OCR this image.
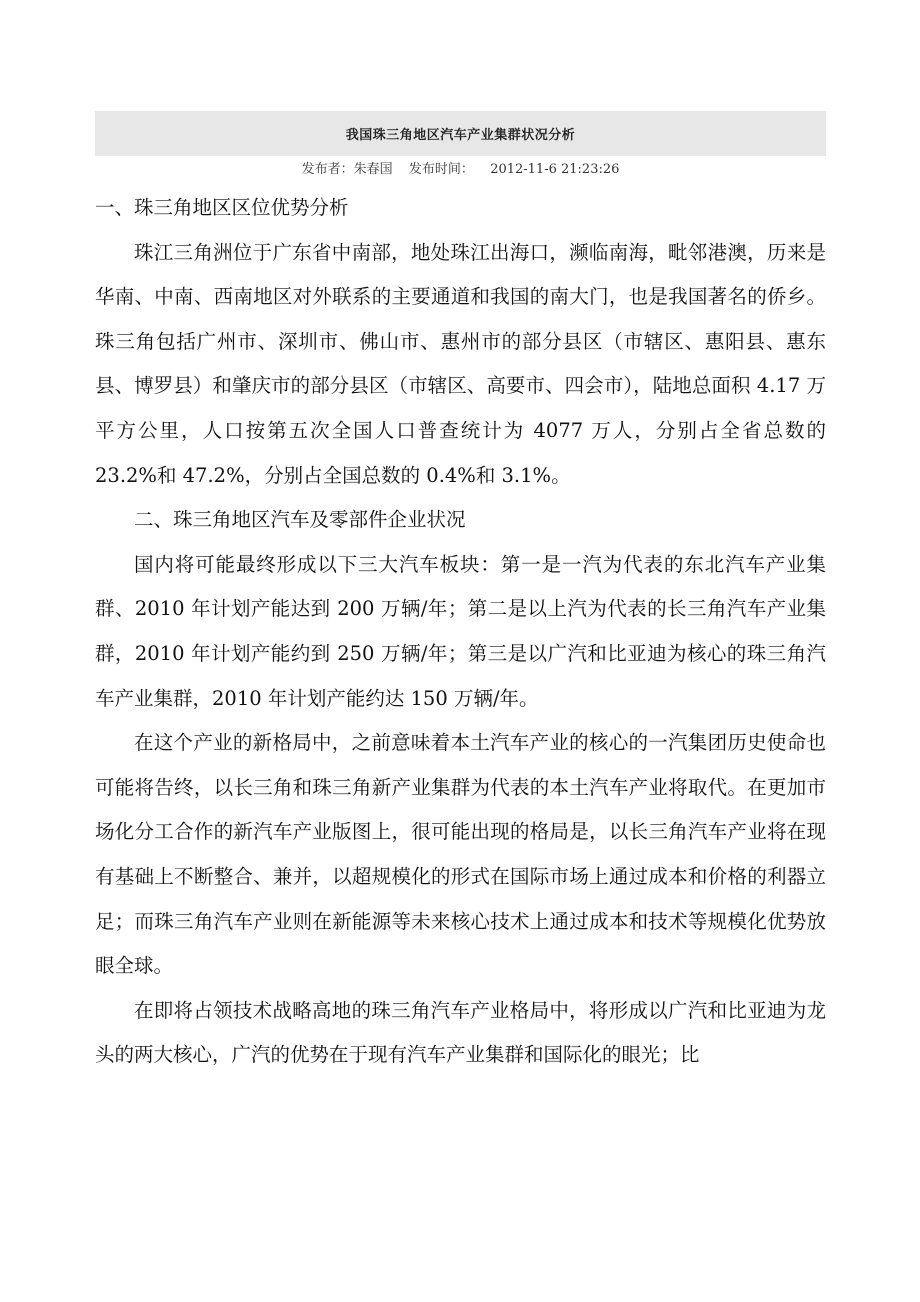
我国珠三角地区汽车产业集群状况分析
发布者：朱春国 发布时间： 2012-11-6 21:23:26

一、珠三角地区区位优势分析

珠江三角洲位于广东省中南部，地处珠江出海口，濒临南海，毗邻港澳，历来是华南、中南、西南地区对外联系的主要通道和我国的南大门，也是我国著名的侨乡。珠三角包括广州市、深圳市、佛山市、惠州市的部分县区（市辖区、惠阳县、惠东县、博罗县）和肇庆市的部分县区（市辖区、高要市、四会市），陆地总面积 4.17 万平方公里，人口按第五次全国人口普查统计为 4077 万人，分别占全省总数的 23.2%和 47.2%，分别占全国总数的 0.4%和 3.1%。

二、珠三角地区汽车及零部件企业状况

国内将可能最终形成以下三大汽车板块：第一是一汽为代表的东北汽车产业集群、2010 年计划产能达到 200 万辆/年；第二是以上汽为代表的长三角汽车产业集群，2010 年计划产能约到 250 万辆/年；第三是以广汽和比亚迪为核心的珠三角汽车产业集群，2010 年计划产能约达 150 万辆/年。

在这个产业的新格局中，之前意味着本土汽车产业的核心的一汽集团历史使命也可能将告终，以长三角和珠三角新产业集群为代表的本土汽车产业将取代。在更加市场化分工合作的新汽车产业版图上，很可能出现的格局是，以长三角汽车产业将在现有基础上不断整合、兼并，以超规模化的形式在国际市场上通过成本和价格的利器立足；而珠三角汽车产业则在新能源等未来核心技术上通过成本和技术等规模化优势放眼全球。

在即将占领技术战略高地的珠三角汽车产业格局中，将形成以广汽和比亚迪为龙头的两大核心，广汽的优势在于现有汽车产业集群和国际化的眼光；比
